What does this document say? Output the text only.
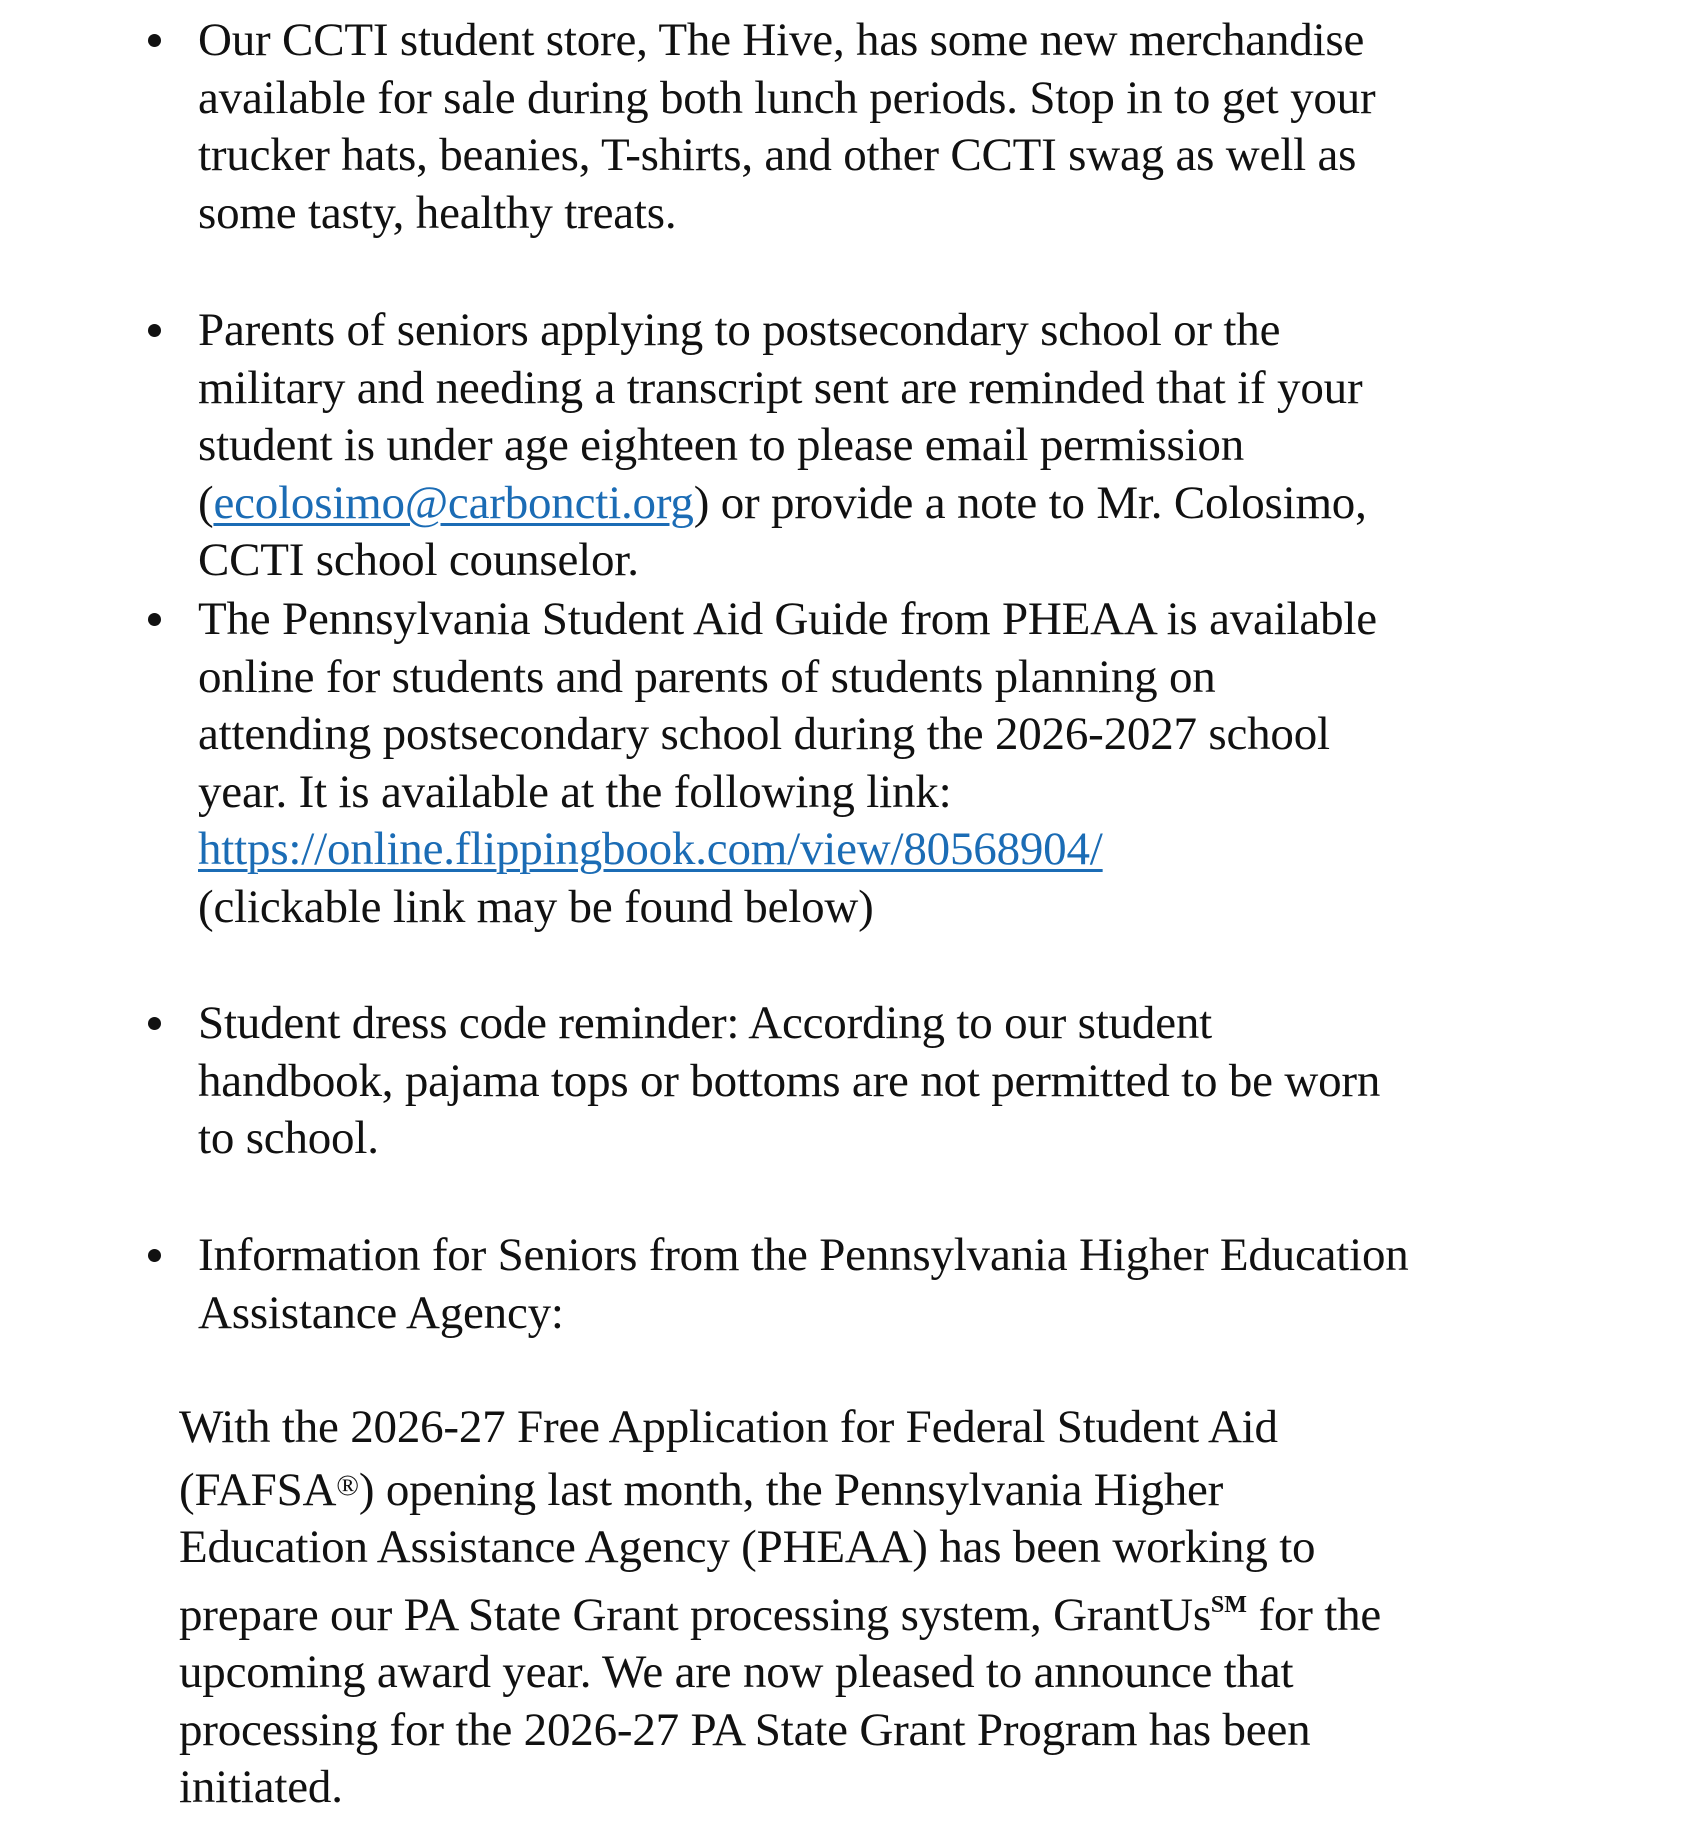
Our CCTI student store, The Hive, has some new merchandise
available for sale during both lunch periods. Stop in to get your
trucker hats, beanies, T-shirts, and other CCTI swag as well as
some tasty, healthy treats.
Parents of seniors applying to postsecondary school or the
military and needing a transcript sent are reminded that if your
student is under age eighteen to please email permission
(ecolosimo@carboncti.org) or provide a note to Mr. Colosimo,
CCTI school counselor.
The Pennsylvania Student Aid Guide from PHEAA is available
online for students and parents of students planning on
attending postsecondary school during the 2026-2027 school
year. It is available at the following link:
https://online.flippingbook.com/view/80568904/
(clickable link may be found below)
Student dress code reminder: According to our student
handbook, pajama tops or bottoms are not permitted to be worn
to school.
Information for Seniors from the Pennsylvania Higher Education
Assistance Agency:
With the 2026-27 Free Application for Federal Student Aid
(FAFSA®) opening last month, the Pennsylvania Higher
Education Assistance Agency (PHEAA) has been working to
prepare our PA State Grant processing system, GrantUs℠ for the
upcoming award year. We are now pleased to announce that
processing for the 2026-27 PA State Grant Program has been
initiated.
